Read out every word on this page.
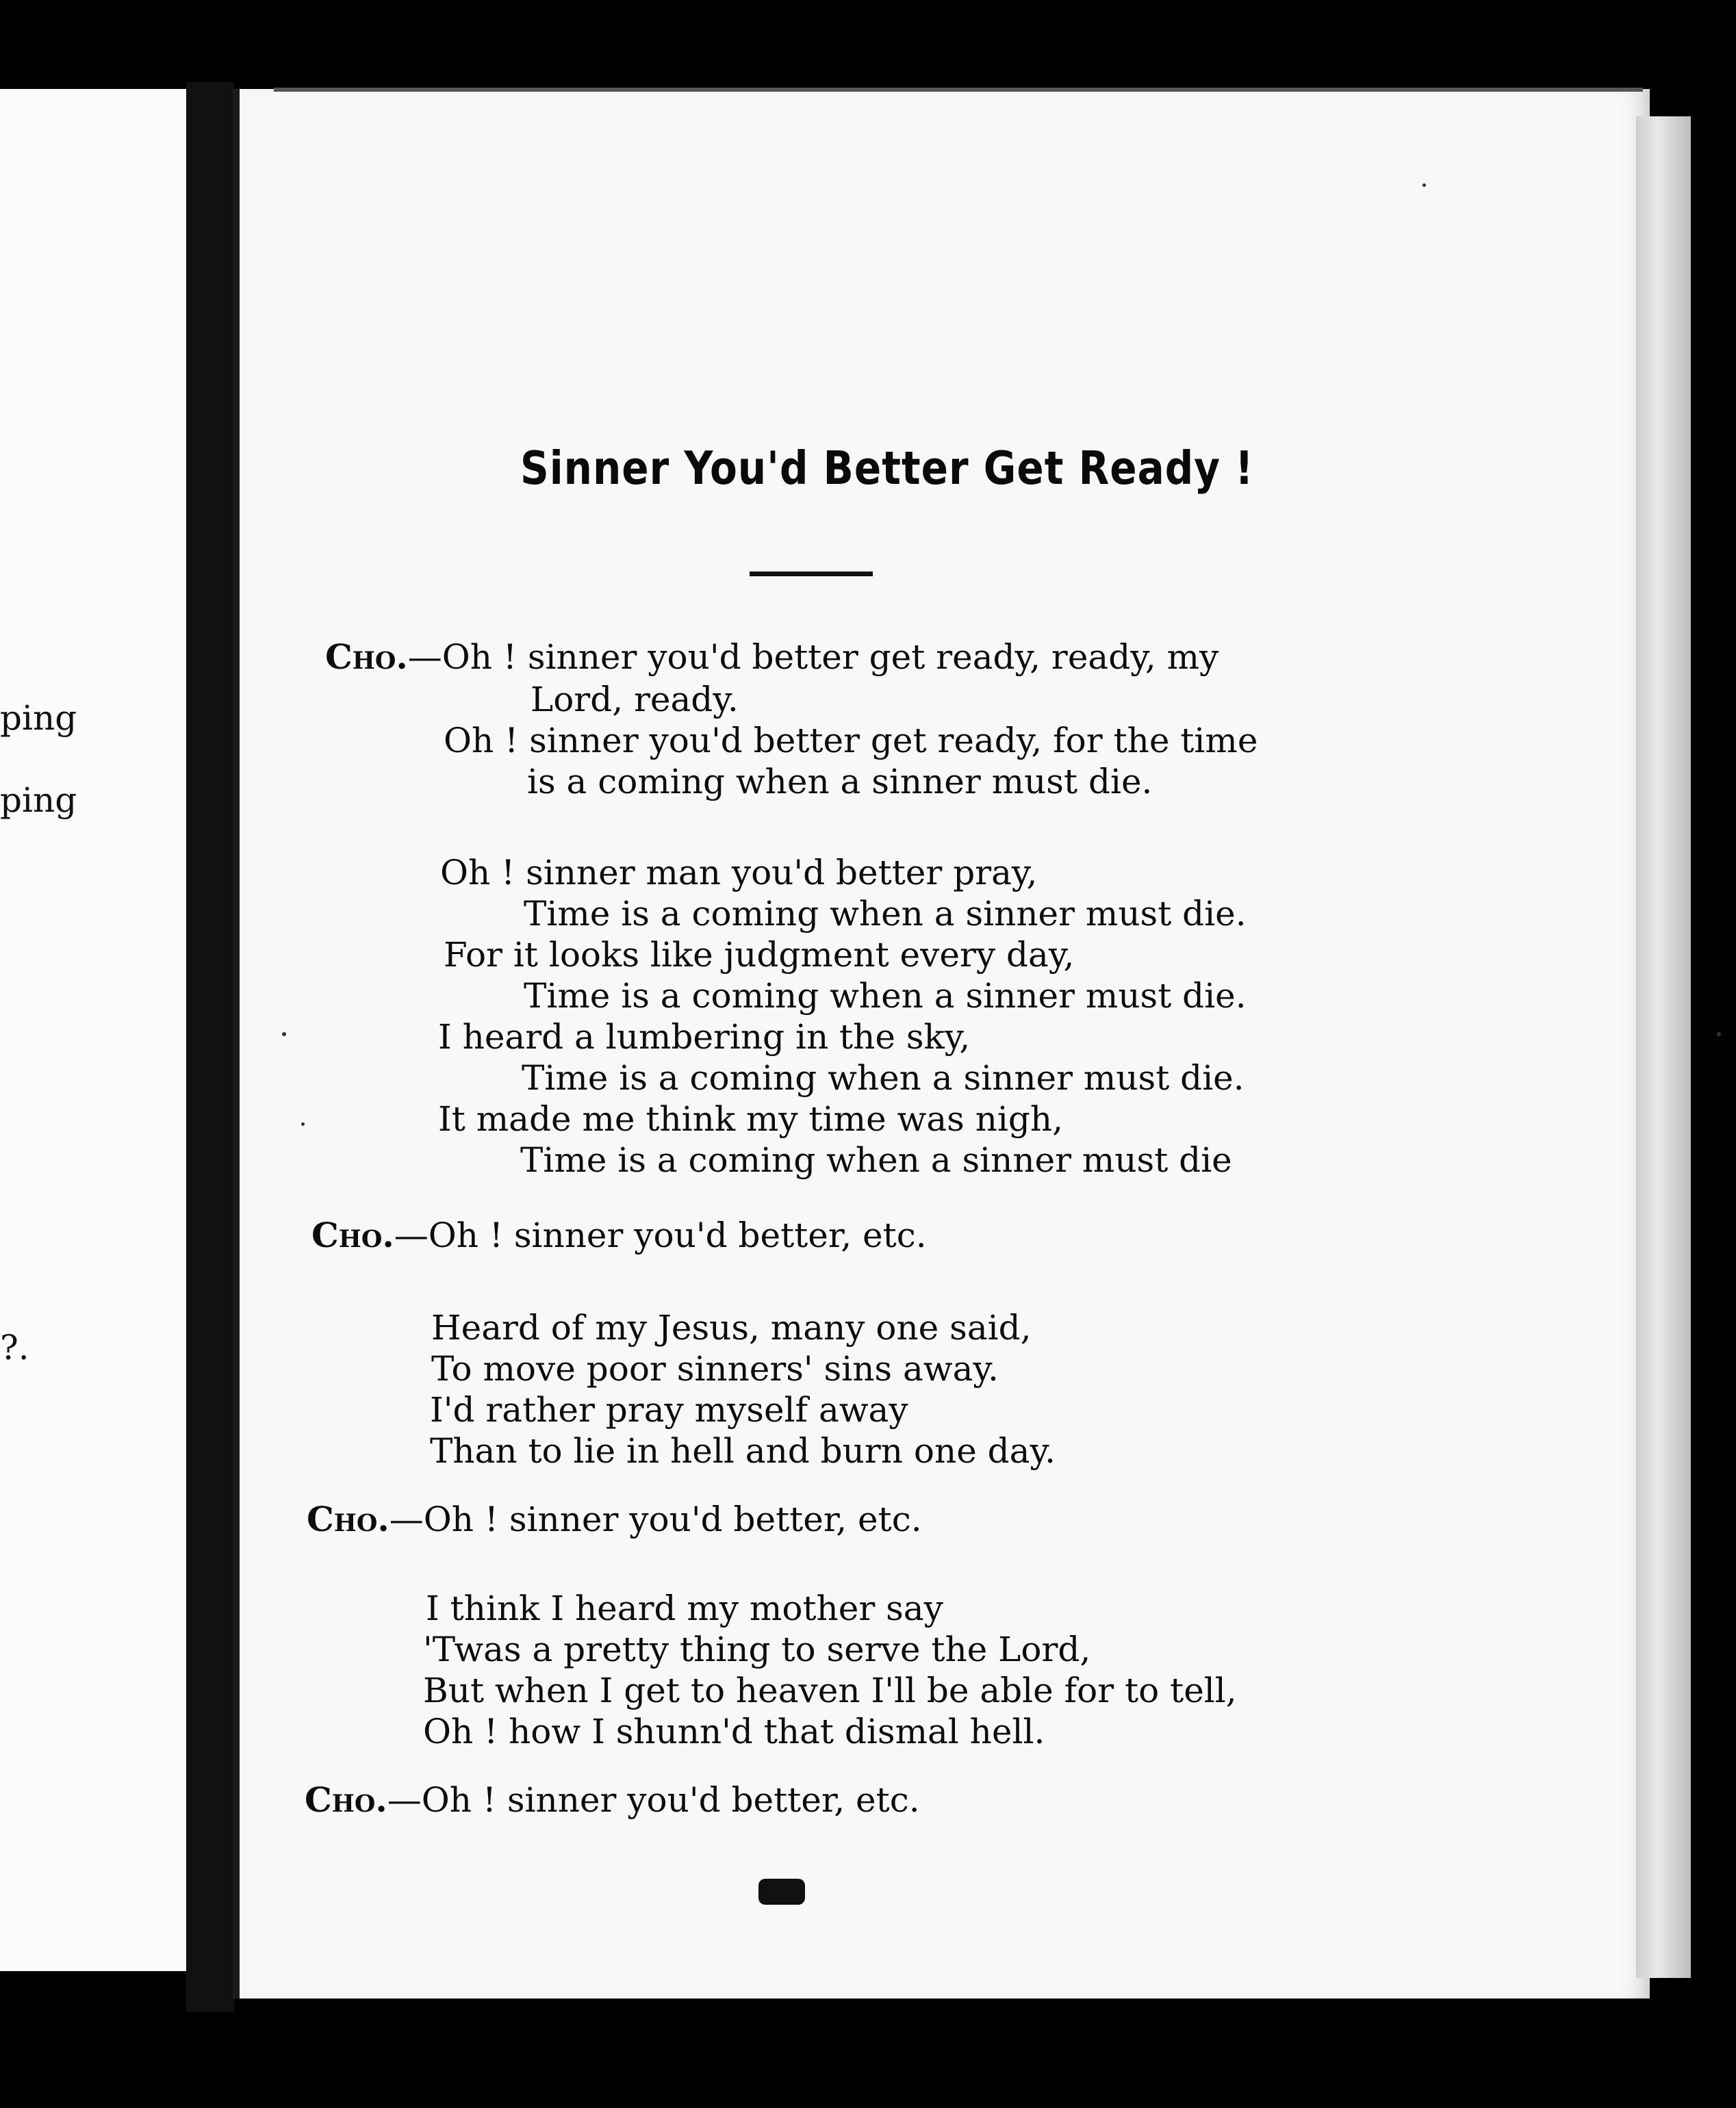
ping
ping
?.
Sinner You'd Better Get Ready !
Cho.—Oh ! sinner you'd better get ready, ready, my
Lord, ready.
Oh ! sinner you'd better get ready, for the time
is a coming when a sinner must die.
Oh ! sinner man you'd better pray,
Time is a coming when a sinner must die.
For it looks like judgment every day,
Time is a coming when a sinner must die.
I heard a lumbering in the sky,
Time is a coming when a sinner must die.
It made me think my time was nigh,
Time is a coming when a sinner must die
Cho.—Oh ! sinner you'd better, etc.
Heard of my Jesus, many one said,
To move poor sinners' sins away.
I'd rather pray myself away
Than to lie in hell and burn one day.
Cho.—Oh ! sinner you'd better, etc.
I think I heard my mother say
'Twas a pretty thing to serve the Lord,
But when I get to heaven I'll be able for to tell,
Oh ! how I shunn'd that dismal hell.
Cho.—Oh ! sinner you'd better, etc.
